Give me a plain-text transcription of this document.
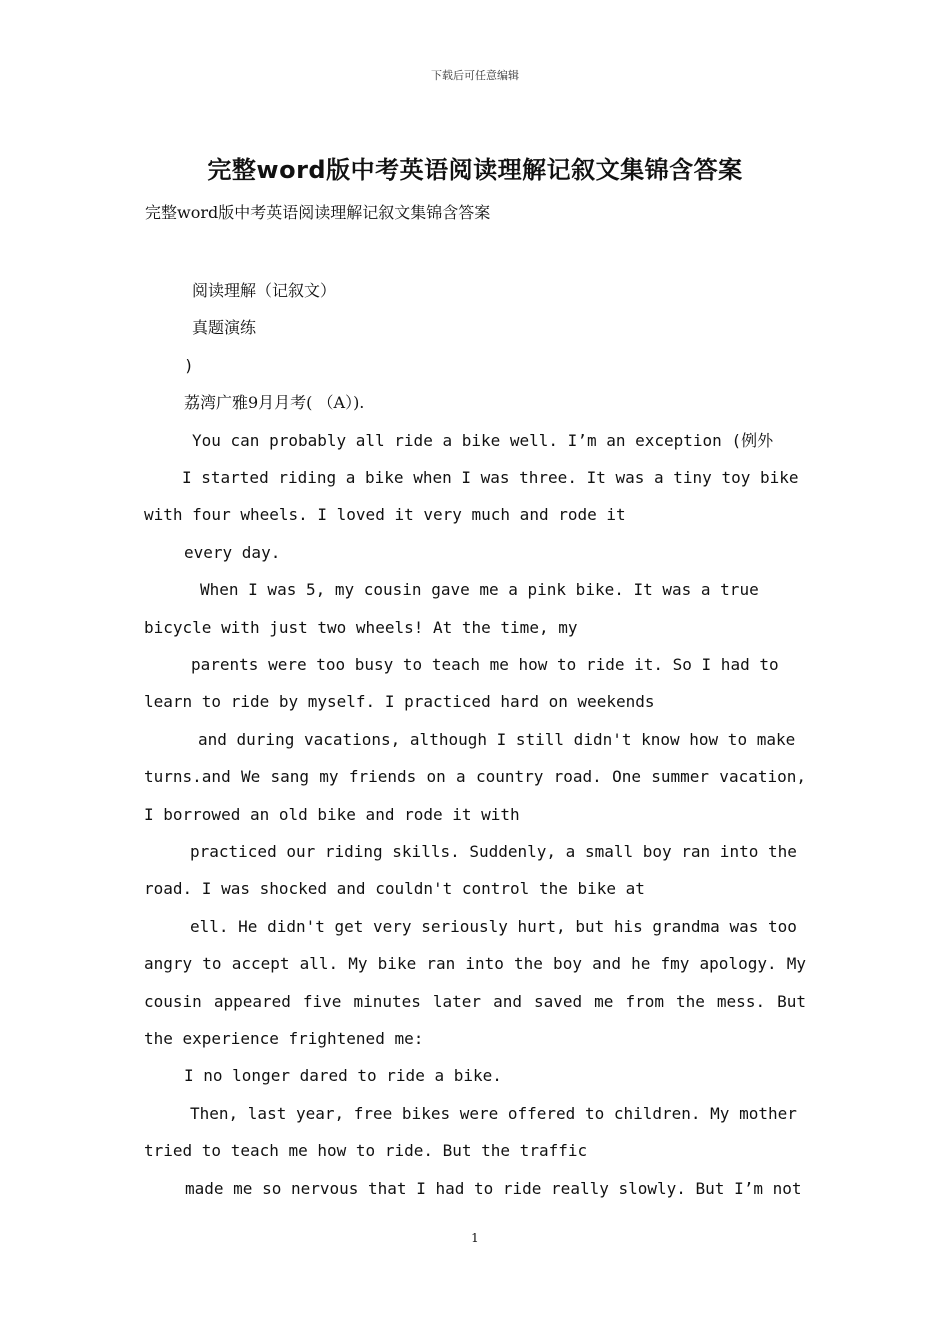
下载后可任意编辑
完整word版中考英语阅读理解记叙文集锦含答案
完整word版中考英语阅读理解记叙文集锦含答案
阅读理解（记叙文）
真题演练
)
荔湾广雅9月月考( （A）).
You can probably all ride a bike well. I’m an exception (例外
I started riding a bike when I was three. It was a tiny toy bike
with four wheels. I loved it very much and rode it
every day.
When I was 5, my cousin gave me a pink bike. It was a true
bicycle with just two wheels! At the time, my
parents were too busy to teach me how to ride it. So I had to
learn to ride by myself. I practiced hard on weekends
and during vacations, although I still didn't know how to make
turns.and We sang my friends on a country road. One summer vacation, I borrowed an old bike and rode it with
practiced our riding skills. Suddenly, a small boy ran into the
road. I was shocked and couldn't control the bike at
ell. He didn't get very seriously hurt, but his grandma was too
angry to accept all. My bike ran into the boy and he fmy apology. My cousin appeared five minutes later and saved me from the mess. But the experience frightened me:
I no longer dared to ride a bike.
Then, last year, free bikes were offered to children. My mother
tried to teach me how to ride. But the traffic
made me so nervous that I had to ride really slowly. But I’m not
1
